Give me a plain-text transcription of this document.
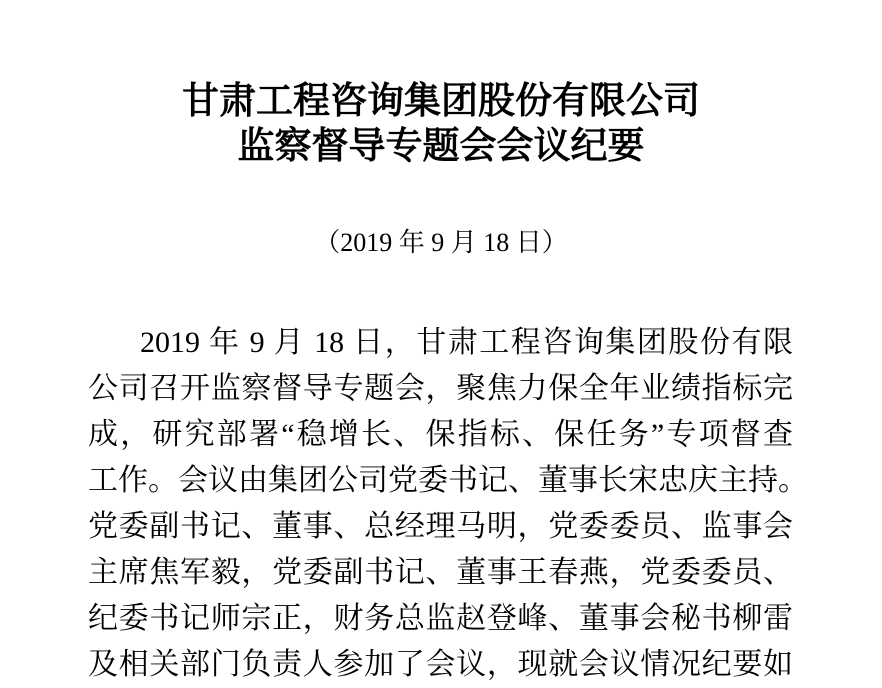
甘肃工程咨询集团股份有限公司
监察督导专题会会议纪要
（2019 年 9 月 18 日）
2019 年 9 月 18 日，甘肃工程咨询集团股份有限
公司召开监察督导专题会，聚焦力保全年业绩指标完
成，研究部署“稳增长、保指标、保任务”专项督查
工作。会议由集团公司党委书记、董事长宋忠庆主持。
党委副书记、董事、总经理马明，党委委员、监事会
主席焦军毅，党委副书记、董事王春燕，党委委员、
纪委书记师宗正，财务总监赵登峰、董事会秘书柳雷
及相关部门负责人参加了会议，现就会议情况纪要如
